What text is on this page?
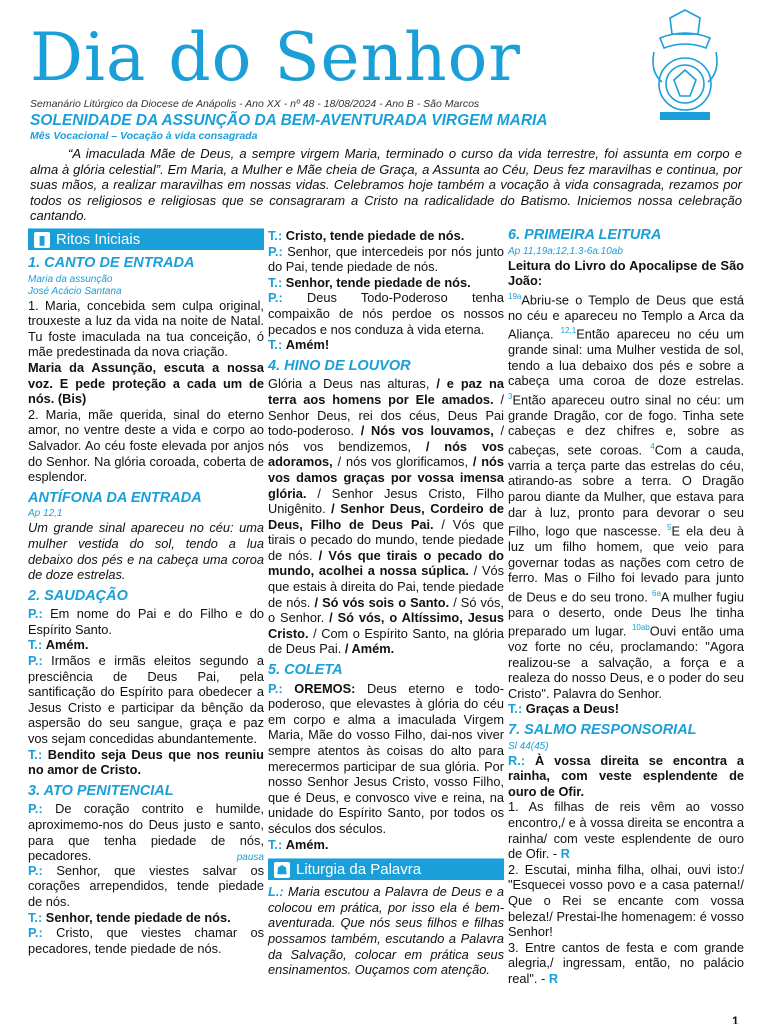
Dia do Senhor
Semanário Litúrgico da Diocese de Anápolis - Ano XX - nº 48 - 18/08/2024 - Ano B - São Marcos
SOLENIDADE DA ASSUNÇÃO DA BEM-AVENTURADA VIRGEM MARIA
Mês Vocacional – Vocação à vida consagrada

“A imaculada Mãe de Deus, a sempre virgem Maria, terminado o curso da vida terrestre, foi assunta em corpo e alma à glória celestial”. Em Maria, a Mulher e Mãe cheia de Graça, a Assunta ao Céu, Deus fez maravilhas e continua, por suas mãos, a realizar maravilhas em nossas vidas. Celebramos hoje também a vocação à vida consagrada, rezamos por todos os religiosos e religiosas que se consagraram a Cristo na radicalidade do Batismo. Iniciemos nossa celebração cantando.

▮ Ritos Iniciais
1. CANTO DE ENTRADA
Maria da assunção
José Acácio Santana

1. Maria, concebida sem culpa original, trouxeste a luz da vida na noite de Natal. Tu foste imaculada na tua conceição, ó mãe predestinada da nova criação.

Maria da Assunção, escuta a nossa voz. E pede proteção a cada um de nós. (Bis)

2. Maria, mãe querida, sinal do eterno amor, no ventre deste a vida e corpo ao Salvador. Ao céu foste elevada por anjos do Senhor. Na glória coroada, coberta de esplendor.

ANTÍFONA DA ENTRADA
Ap 12,1

Um grande sinal apareceu no céu: uma mulher vestida do sol, tendo a lua debaixo dos pés e na cabeça uma coroa de doze estrelas.

2. SAUDAÇÃO

P.: Em nome do Pai e do Filho e do Espírito Santo.

T.: Amém.

P.: Irmãos e irmãs eleitos segundo a presciência de Deus Pai, pela santificação do Espírito para obedecer a Jesus Cristo e participar da bênção da aspersão do seu sangue, graça e paz vos sejam concedidas abundantemente.

T.: Bendito seja Deus que nos reuniu no amor de Cristo.

3. ATO PENITENCIAL

P.: De coração contrito e humilde, aproximemo-nos do Deus justo e santo, para que tenha piedade de nós, pecadores.	pausa

P.: Senhor, que viestes salvar os corações arrependidos, tende piedade de nós.

T.: Senhor, tende piedade de nós.

P.: Cristo, que viestes chamar os pecadores, tende piedade de nós.

T.: Cristo, tende piedade de nós.

P.: Senhor, que intercedeis por nós junto do Pai, tende piedade de nós.

T.: Senhor, tende piedade de nós.

P.: Deus Todo-Poderoso tenha compaixão de nós perdoe os nossos pecados e nos conduza à vida eterna.

T.: Amém!

4. HINO DE LOUVOR

Glória a Deus nas alturas, / e paz na terra aos homens por Ele amados. / Senhor Deus, rei dos céus, Deus Pai todo-poderoso. / Nós vos louvamos, / nós vos bendizemos, / nós vos adoramos, / nós vos glorificamos, / nós vos damos graças por vossa imensa glória. / Senhor Jesus Cristo, Filho Unigênito. / Senhor Deus, Cordeiro de Deus, Filho de Deus Pai. / Vós que tirais o pecado do mundo, tende piedade de nós. / Vós que tirais o pecado do mundo, acolhei a nossa súplica. / Vós que estais à direita do Pai, tende piedade de nós. / Só vós sois o Santo. / Só vós, o Senhor. / Só vós, o Altíssimo, Jesus Cristo. / Com o Espírito Santo, na glória de Deus Pai. / Amém.

5. COLETA

P.: OREMOS: Deus eterno e todo-poderoso, que elevastes à glória do céu em corpo e alma a imaculada Virgem Maria, Mãe do vosso Filho, dai-nos viver sempre atentos às coisas do alto para merecermos participar de sua glória. Por nosso Senhor Jesus Cristo, vosso Filho, que é Deus, e convosco vive e reina, na unidade do Espírito Santo, por todos os séculos dos séculos.

T.: Amém.

☗ Liturgia da Palavra

L.: Maria escutou a Palavra de Deus e a colocou em prática, por isso ela é bem-aventurada. Que nós seus filhos e filhas possamos também, escutando a Palavra da Salvação, colocar em prática seus ensinamentos. Ouçamos com atenção.

6. PRIMEIRA LEITURA
Ap 11,19a;12,1.3-6a.10ab

Leitura do Livro do Apocalipse de São João:

$^{19a}$Abriu-se o Templo de Deus que está no céu e apareceu no Templo a Arca da Aliança. $^{12,1}$Então apareceu no céu um grande sinal: uma Mulher vestida de sol, tendo a lua debaixo dos pés e sobre a cabeça uma coroa de doze estrelas. $^3$Então apareceu outro sinal no céu: um grande Dragão, cor de fogo. Tinha sete cabeças e dez chifres e, sobre as cabeças, sete coroas. $^4$Com a cauda, varria a terça parte das estrelas do céu, atirando-as sobre a terra. O Dragão parou diante da Mulher, que estava para dar à luz, pronto para devorar o seu Filho, logo que nascesse. $^5$E ela deu à luz um filho homem, que veio para governar todas as nações com cetro de ferro. Mas o Filho foi levado para junto de Deus e do seu trono. $^{6a}$A mulher fugiu para o deserto, onde Deus lhe tinha preparado um lugar. $^{10ab}$Ouvi então uma voz forte no céu, proclamando: "Agora realizou-se a salvação, a força e a realeza do nosso Deus, e o poder do seu Cristo". Palavra do Senhor.

T.: Graças a Deus!

7. SALMO RESPONSORIAL
Sl 44(45)

R.: À vossa direita se encontra a rainha, com veste esplendente de ouro de Ofir.

1. As filhas de reis vêm ao vosso encontro,/ e à vossa direita se encontra a rainha/ com veste esplendente de ouro de Ofir. - R

2. Escutai, minha filha, olhai, ouvi isto:/ "Esquecei vosso povo e a casa paterna!/ Que o Rei se encante com vossa beleza!/ Prestai-lhe homenagem: é vosso Senhor!

3. Entre cantos de festa e com grande alegria,/ ingressam, então, no palácio real". - R

1
